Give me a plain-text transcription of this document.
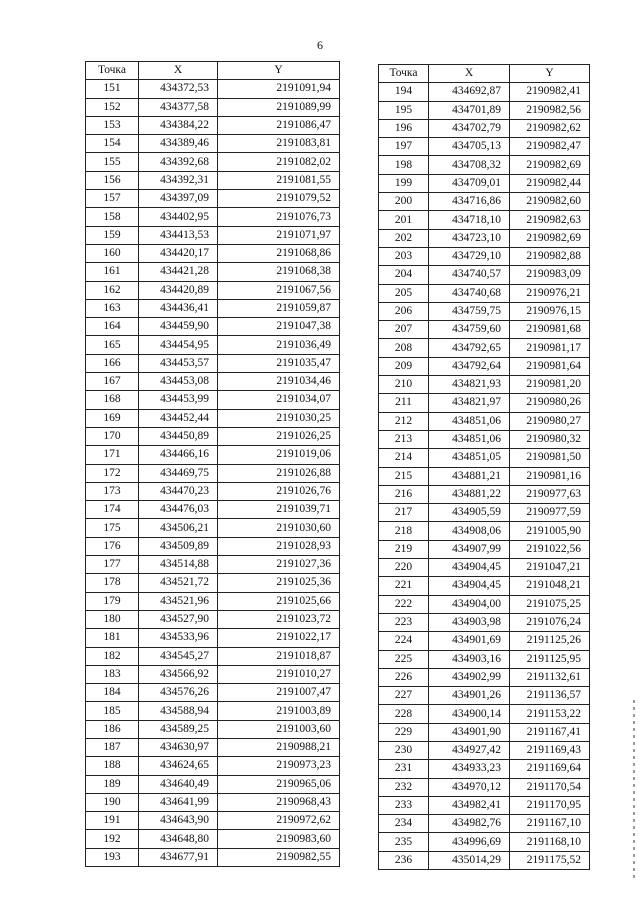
6
Точка	X	Y
151	434372,53	2191091,94
152	434377,58	2191089,99
153	434384,22	2191086,47
154	434389,46	2191083,81
155	434392,68	2191082,02
156	434392,31	2191081,55
157	434397,09	2191079,52
158	434402,95	2191076,73
159	434413,53	2191071,97
160	434420,17	2191068,86
161	434421,28	2191068,38
162	434420,89	2191067,56
163	434436,41	2191059,87
164	434459,90	2191047,38
165	434454,95	2191036,49
166	434453,57	2191035,47
167	434453,08	2191034,46
168	434453,99	2191034,07
169	434452,44	2191030,25
170	434450,89	2191026,25
171	434466,16	2191019,06
172	434469,75	2191026,88
173	434470,23	2191026,76
174	434476,03	2191039,71
175	434506,21	2191030,60
176	434509,89	2191028,93
177	434514,88	2191027,36
178	434521,72	2191025,36
179	434521,96	2191025,66
180	434527,90	2191023,72
181	434533,96	2191022,17
182	434545,27	2191018,87
183	434566,92	2191010,27
184	434576,26	2191007,47
185	434588,94	2191003,89
186	434589,25	2191003,60
187	434630,97	2190988,21
188	434624,65	2190973,23
189	434640,49	2190965,06
190	434641,99	2190968,43
191	434643,90	2190972,62
192	434648,80	2190983,60
193	434677,91	2190982,55
Точка	X	Y
194	434692,87	2190982,41
195	434701,89	2190982,56
196	434702,79	2190982,62
197	434705,13	2190982,47
198	434708,32	2190982,69
199	434709,01	2190982,44
200	434716,86	2190982,60
201	434718,10	2190982,63
202	434723,10	2190982,69
203	434729,10	2190982,88
204	434740,57	2190983,09
205	434740,68	2190976,21
206	434759,75	2190976,15
207	434759,60	2190981,68
208	434792,65	2190981,17
209	434792,64	2190981,64
210	434821,93	2190981,20
211	434821,97	2190980,26
212	434851,06	2190980,27
213	434851,06	2190980,32
214	434851,05	2190981,50
215	434881,21	2190981,16
216	434881,22	2190977,63
217	434905,59	2190977,59
218	434908,06	2191005,90
219	434907,99	2191022,56
220	434904,45	2191047,21
221	434904,45	2191048,21
222	434904,00	2191075,25
223	434903,98	2191076,24
224	434901,69	2191125,26
225	434903,16	2191125,95
226	434902,99	2191132,61
227	434901,26	2191136,57
228	434900,14	2191153,22
229	434901,90	2191167,41
230	434927,42	2191169,43
231	434933,23	2191169,64
232	434970,12	2191170,54
233	434982,41	2191170,95
234	434982,76	2191167,10
235	434996,69	2191168,10
236	435014,29	2191175,52
